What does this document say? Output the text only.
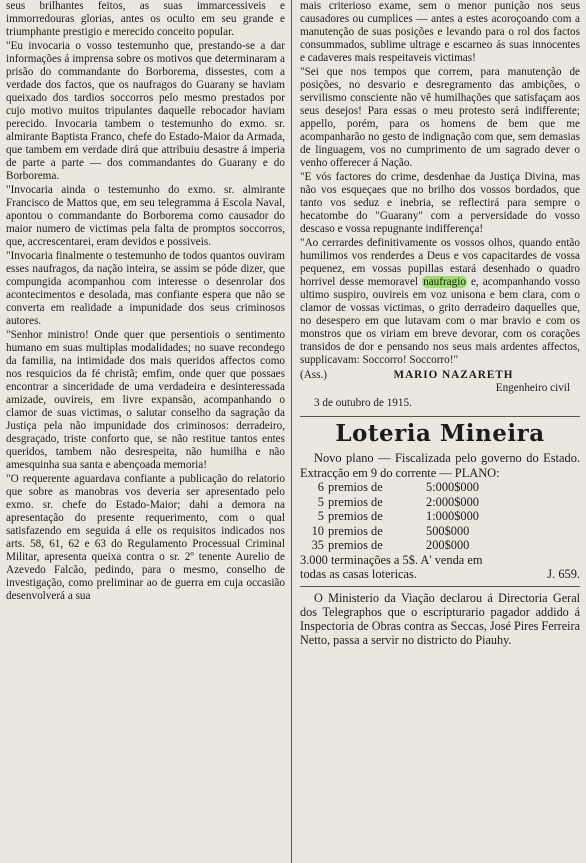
seus brilhantes feitos, as suas immarcessiveis e immorredouras glorias, antes os oculto em seu grande e triumphante prestigio e merecido conceito popular.

"Eu invocaria o vosso testemunho que, prestando-se a dar informações á imprensa sobre os motivos que determinaram a prisão do commandante do Borborema, dissestes, com a verdade dos factos, que os naufragos do Guarany se haviam queixado dos tardios soccorros pelo mesmo prestados por cujo motivo muitos tripulantes daquelle rebocador haviam perecido. Invocaria tambem o testemunho do exmo. sr. almirante Baptista Franco, chefe do Estado-Maior da Armada, que tambem em verdade dirá que attribuiu desastre á imperia de parte a parte — dos commandantes do Guarany e do Borborema.

"Invocaria ainda o testemunho do exmo. sr. almirante Francisco de Mattos que, em seu telegramma á Escola Naval, apontou o commandante do Borborema como causador do maior numero de victimas pela falta de promptos soccorros, que, accrescentarei, eram devidos e possiveis.

"Invocaria finalmente o testemunho de todos quantos ouviram esses naufragos, da nação inteira, se assim se póde dizer, que compungida acompanhou com interesse o desenrolar dos acontecimentos e desolada, mas confiante espera que não se converta em realidade a impunidade dos seus criminosos autores.

"Senhor ministro! Onde quer que persentiois o sentimento humano em suas multiplas modalidades; no suave recondego da familia, na intimidade dos mais queridos affectos como nos resquicios da fé christã; emfim, onde quer que possaes encontrar a sinceridade de uma verdadeira e desinteressada amizade, ouvireis, em livre expansão, acompanhando o clamor de suas victimas, o salutar conselho da sagração da Justiça pela não impunidade dos criminosos: derradeiro, desgraçado, triste conforto que, se não restitue tantos entes queridos, tambem não desrespeita, não humilha e não amesquinha sua santa e abençoada memoria!

"O requerente aguardava confiante a publicação do relatorio que sobre as manobras vos deveria ser apresentado pelo exmo. sr. chefe do Estado-Maior; dahi a demora na apresentação do presente requerimento, com o qual satisfazendo em seguida á elle os requisitos indicados nos arts. 58, 61, 62 e 63 do Regulamento Processual Criminal Militar, apresenta queixa contra o sr. 2º tenente Aurelio de Azevedo Falcão, pedindo, para o mesmo, conselho de investigação, como preliminar ao de guerra em cuja occasião desenvolverá a sua

mais criterioso exame, sem o menor punição nos seus causadores ou cumplices — antes a estes acoroçoando com a manutenção de suas posições e levando para o rol dos factos consummados, sublime ultrage e escarneo ás suas innocentes e cadaveres mais respeitaveis victimas!

"Sei que nos tempos que correm, para manutenção de posições, no desvario e desregramento das ambições, o servilismo consciente não vê humilhações que satisfaçam aos seus desejos! Para essas o meu protesto será indifferente; appello, porém, para os homens de bem que me acompanharão no gesto de indignação com que, sem demasias de linguagem, vos no cumprimento de um sagrado dever o venho offerecer á Nação.

"E vós factores do crime, desdenhae da Justiça Divina, mas não vos esqueçaes que no brilho dos vossos bordados, que tanto vos seduz e inebria, se reflectirá para sempre o hecatombe do "Guarany" com a perversidade do vosso descaso e vossa repugnante indifferença!

"Ao cerrardes definitivamente os vossos olhos, quando então humilimos vos renderdes a Deus e vos capacitardes de vossa pequenez, em vossas pupillas estará desenhado o quadro horrivel desse memoravel naufragio e, acompanhando vosso ultimo suspiro, ouvireis em voz unisona e bem clara, com o clamor de vossas victimas, o grito derradeiro daquelles que, no desespero em que lutavam com o mar bravio e com os monstros que os viriam em breve devorar, com os corações transidos de dor e pensando nos seus mais ardentes affectos, supplicavam: Soccorro! Soccorro!"

(Ass.)	MARIO NAZARETH
Engenheiro civil
3 de outubro de 1915.
Loteria Mineira
Novo plano — Fiscalizada pelo governo do Estado. Extracção em 9 do corrente — PLANO:
6 premios de	5:000$000
5 premios de	2:000$000
5 premios de	1:000$000
10 premios de	500$000
35 premios de	200$000
3.000 terminações a 5$. A' venda em
todas as casas lotericas.	J. 659.
O Ministerio da Viação declarou á Directoria Geral dos Telegraphos que o escripturario pagador addido á Inspectoria de Obras contra as Seccas, José Pires Ferreira Netto, passa a servir no districto do Piauhy.
